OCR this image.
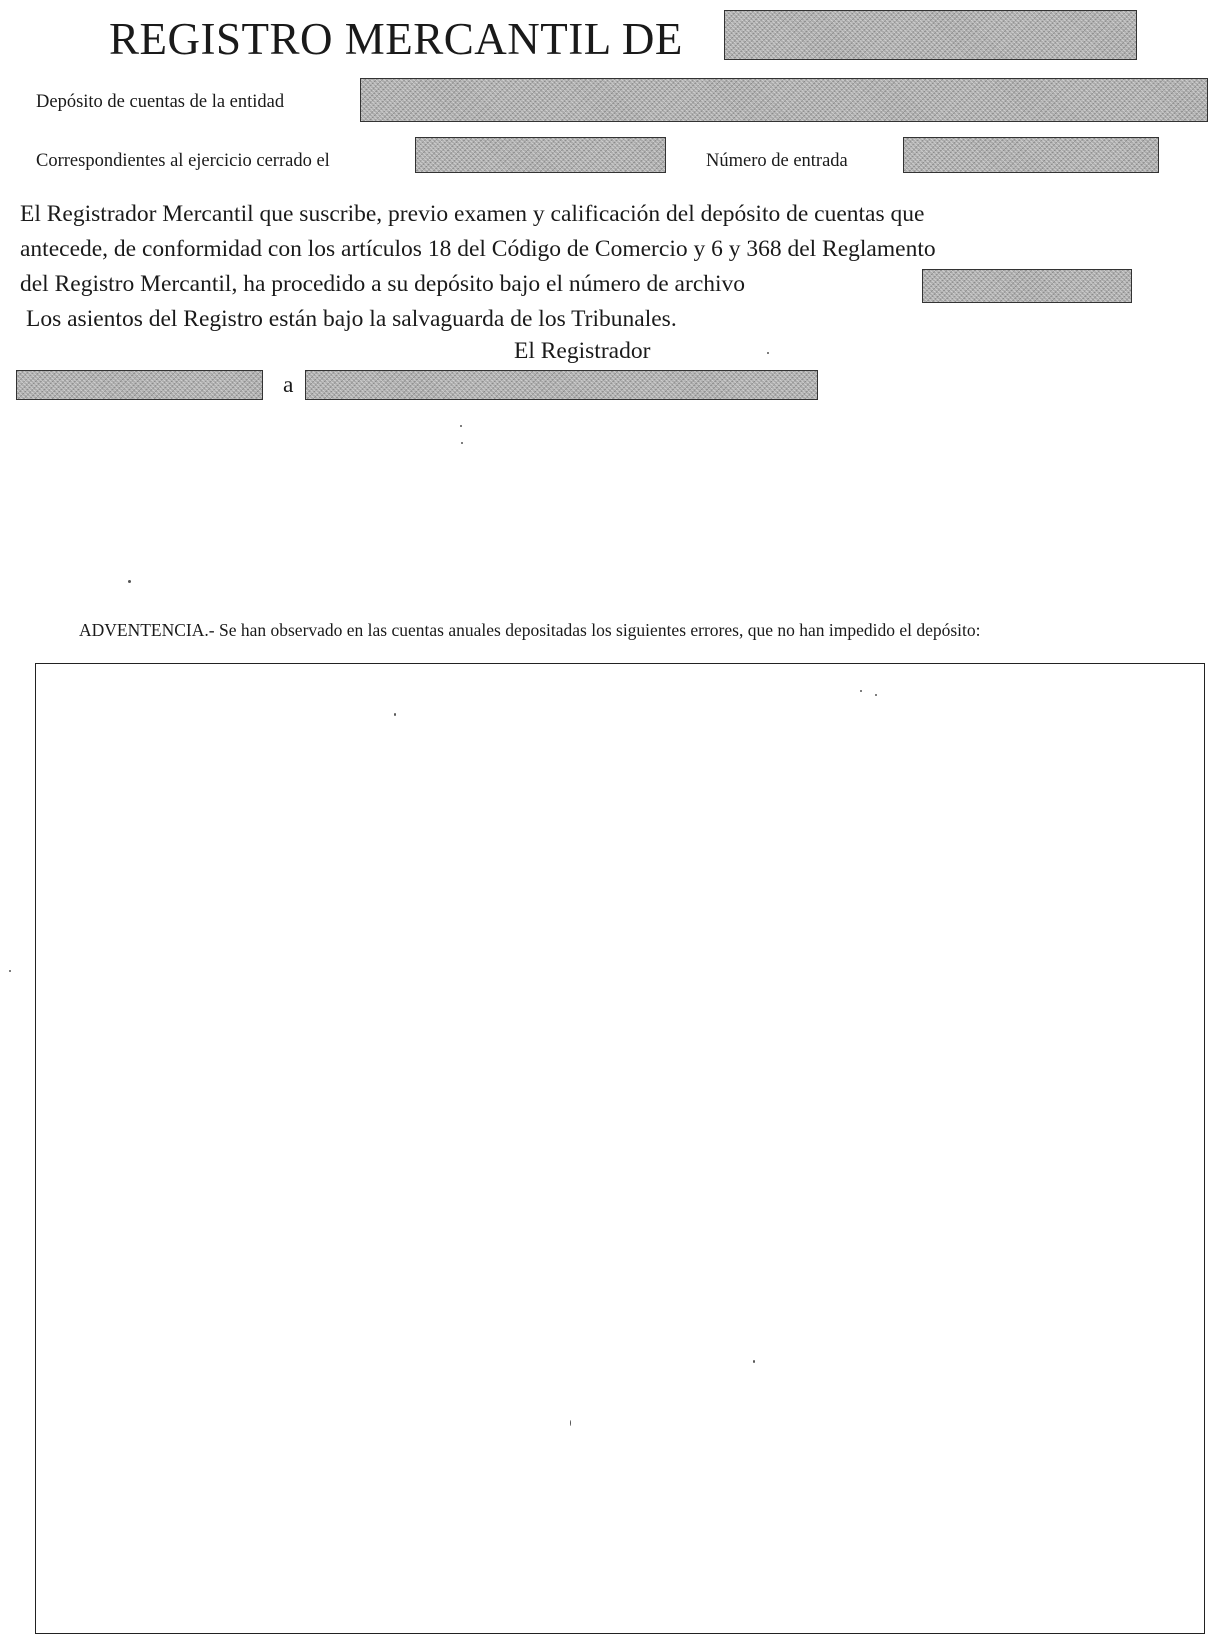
REGISTRO MERCANTIL DE
Depósito de cuentas de la entidad
Correspondientes al ejercicio cerrado el	Número de entrada
El Registrador Mercantil que suscribe, previo examen y calificación del depósito de cuentas que
antecede, de conformidad con los artículos 18 del Código de Comercio y 6 y 368 del Reglamento
del Registro Mercantil, ha procedido a su depósito bajo el número de archivo
Los asientos del Registro están bajo la salvaguarda de los Tribunales.
El Registrador
a
ADVENTENCIA.- Se han observado en las cuentas anuales depositadas los siguientes errores, que no han impedido el depósito:
